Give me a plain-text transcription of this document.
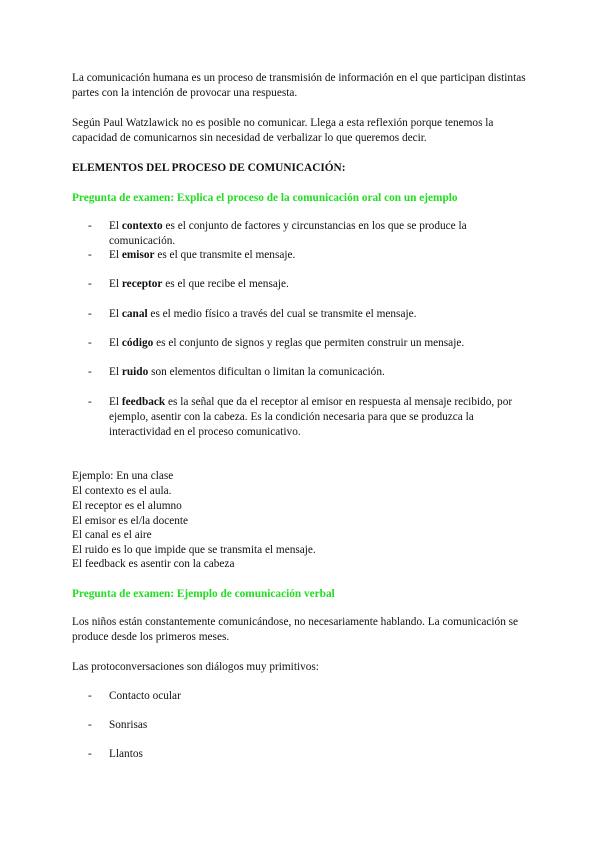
La comunicación humana es un proceso de transmisión de información en el que participan distintas partes con la intención de provocar una respuesta.

Según Paul Watzlawick no es posible no comunicar. Llega a esta reflexión porque tenemos la capacidad de comunicarnos sin necesidad de verbalizar lo que queremos decir.

ELEMENTOS DEL PROCESO DE COMUNICACIÓN:

Pregunta de examen: Explica el proceso de la comunicación oral con un ejemplo

- El contexto es el conjunto de factores y circunstancias en los que se produce la comunicación.
- El emisor es el que transmite el mensaje.
- El receptor es el que recibe el mensaje.
- El canal es el medio físico a través del cual se transmite el mensaje.
- El código es el conjunto de signos y reglas que permiten construir un mensaje.
- El ruido son elementos dificultan o limitan la comunicación.
- El feedback es la señal que da el receptor al emisor en respuesta al mensaje recibido, por ejemplo, asentir con la cabeza. Es la condición necesaria para que se produzca la interactividad en el proceso comunicativo.

Ejemplo: En una clase

El contexto es el aula.

El receptor es el alumno

El emisor es el/la docente

El canal es el aire

El ruido es lo que impide que se transmita el mensaje.

El feedback es asentir con la cabeza

Pregunta de examen: Ejemplo de comunicación verbal

Los niños están constantemente comunicándose, no necesariamente hablando. La comunicación se produce desde los primeros meses.

Las protoconversaciones son diálogos muy primitivos:

- Contacto ocular
- Sonrisas
- Llantos
